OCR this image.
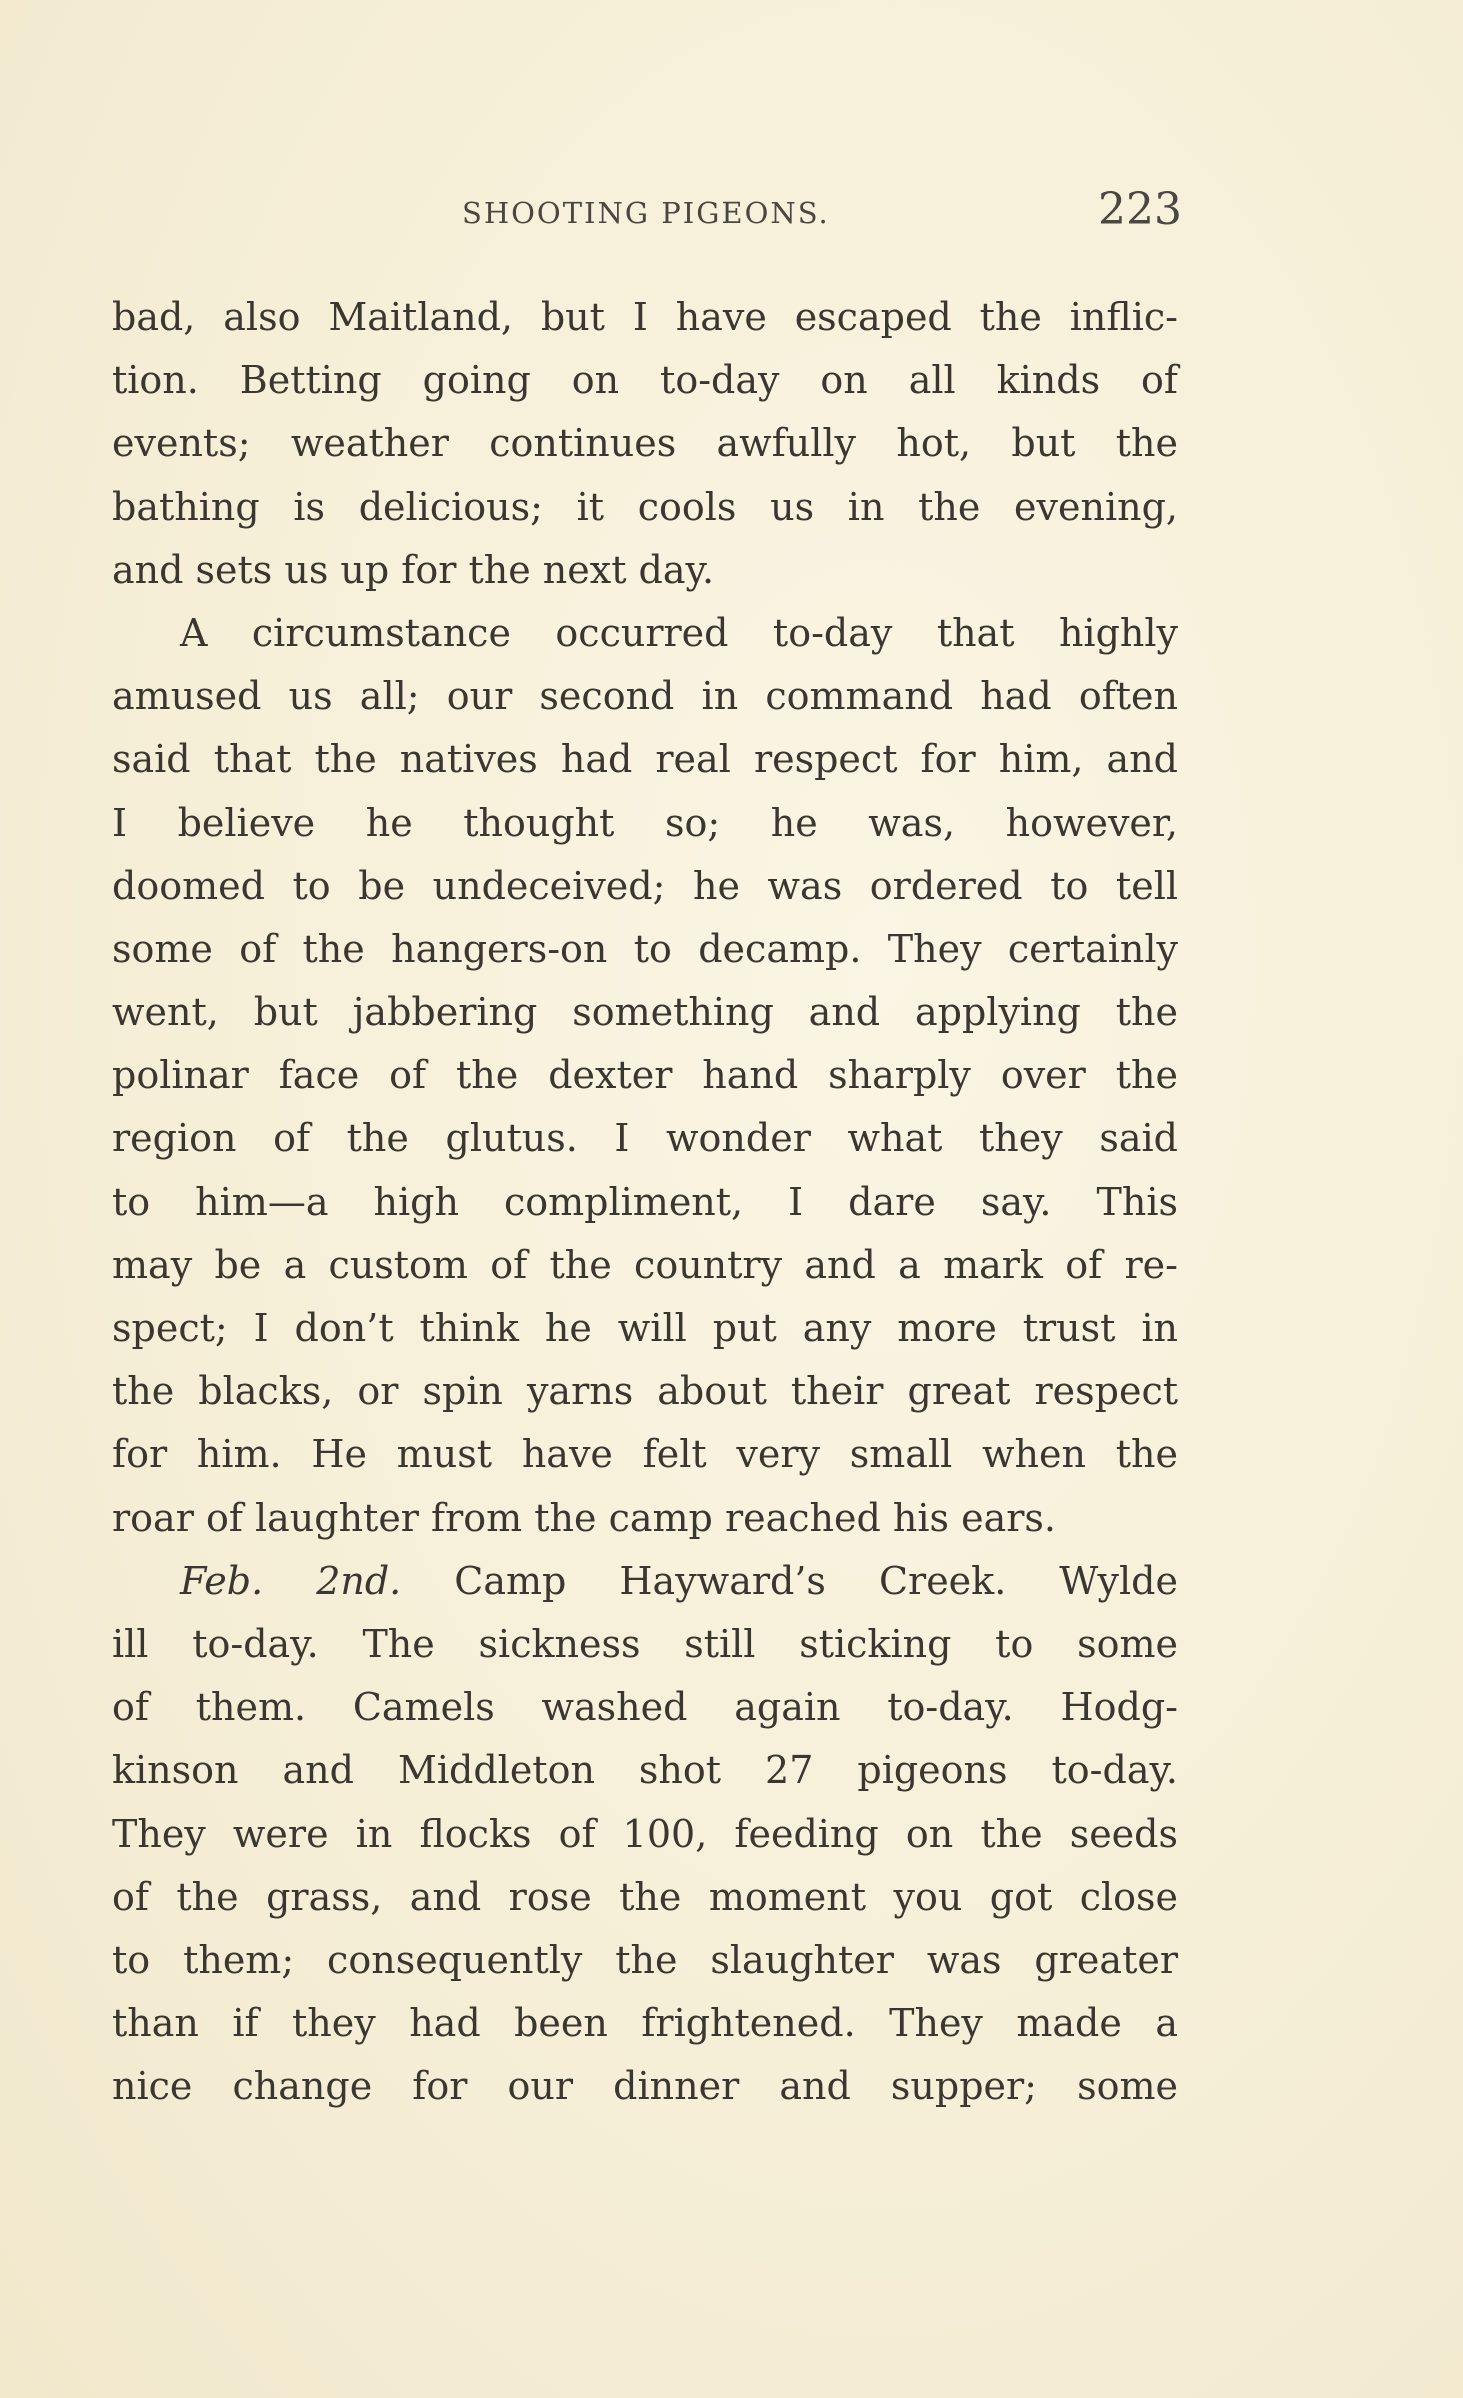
SHOOTING PIGEONS.	223
bad, also Maitland, but I have escaped the inflic-
tion. Betting going on to-day on all kinds of
events; weather continues awfully hot, but the
bathing is delicious; it cools us in the evening,
and sets us up for the next day.
A circumstance occurred to-day that highly
amused us all; our second in command had often
said that the natives had real respect for him, and
I believe he thought so; he was, however,
doomed to be undeceived; he was ordered to tell
some of the hangers-on to decamp. They certainly
went, but jabbering something and applying the
polinar face of the dexter hand sharply over the
region of the glutus. I wonder what they said
to him—a high compliment, I dare say. This
may be a custom of the country and a mark of re-
spect; I don’t think he will put any more trust in
the blacks, or spin yarns about their great respect
for him. He must have felt very small when the
roar of laughter from the camp reached his ears.
Feb. 2nd. Camp Hayward’s Creek. Wylde
ill to-day. The sickness still sticking to some
of them. Camels washed again to-day. Hodg-
kinson and Middleton shot 27 pigeons to-day.
They were in flocks of 100, feeding on the seeds
of the grass, and rose the moment you got close
to them; consequently the slaughter was greater
than if they had been frightened. They made a
nice change for our dinner and supper; some
